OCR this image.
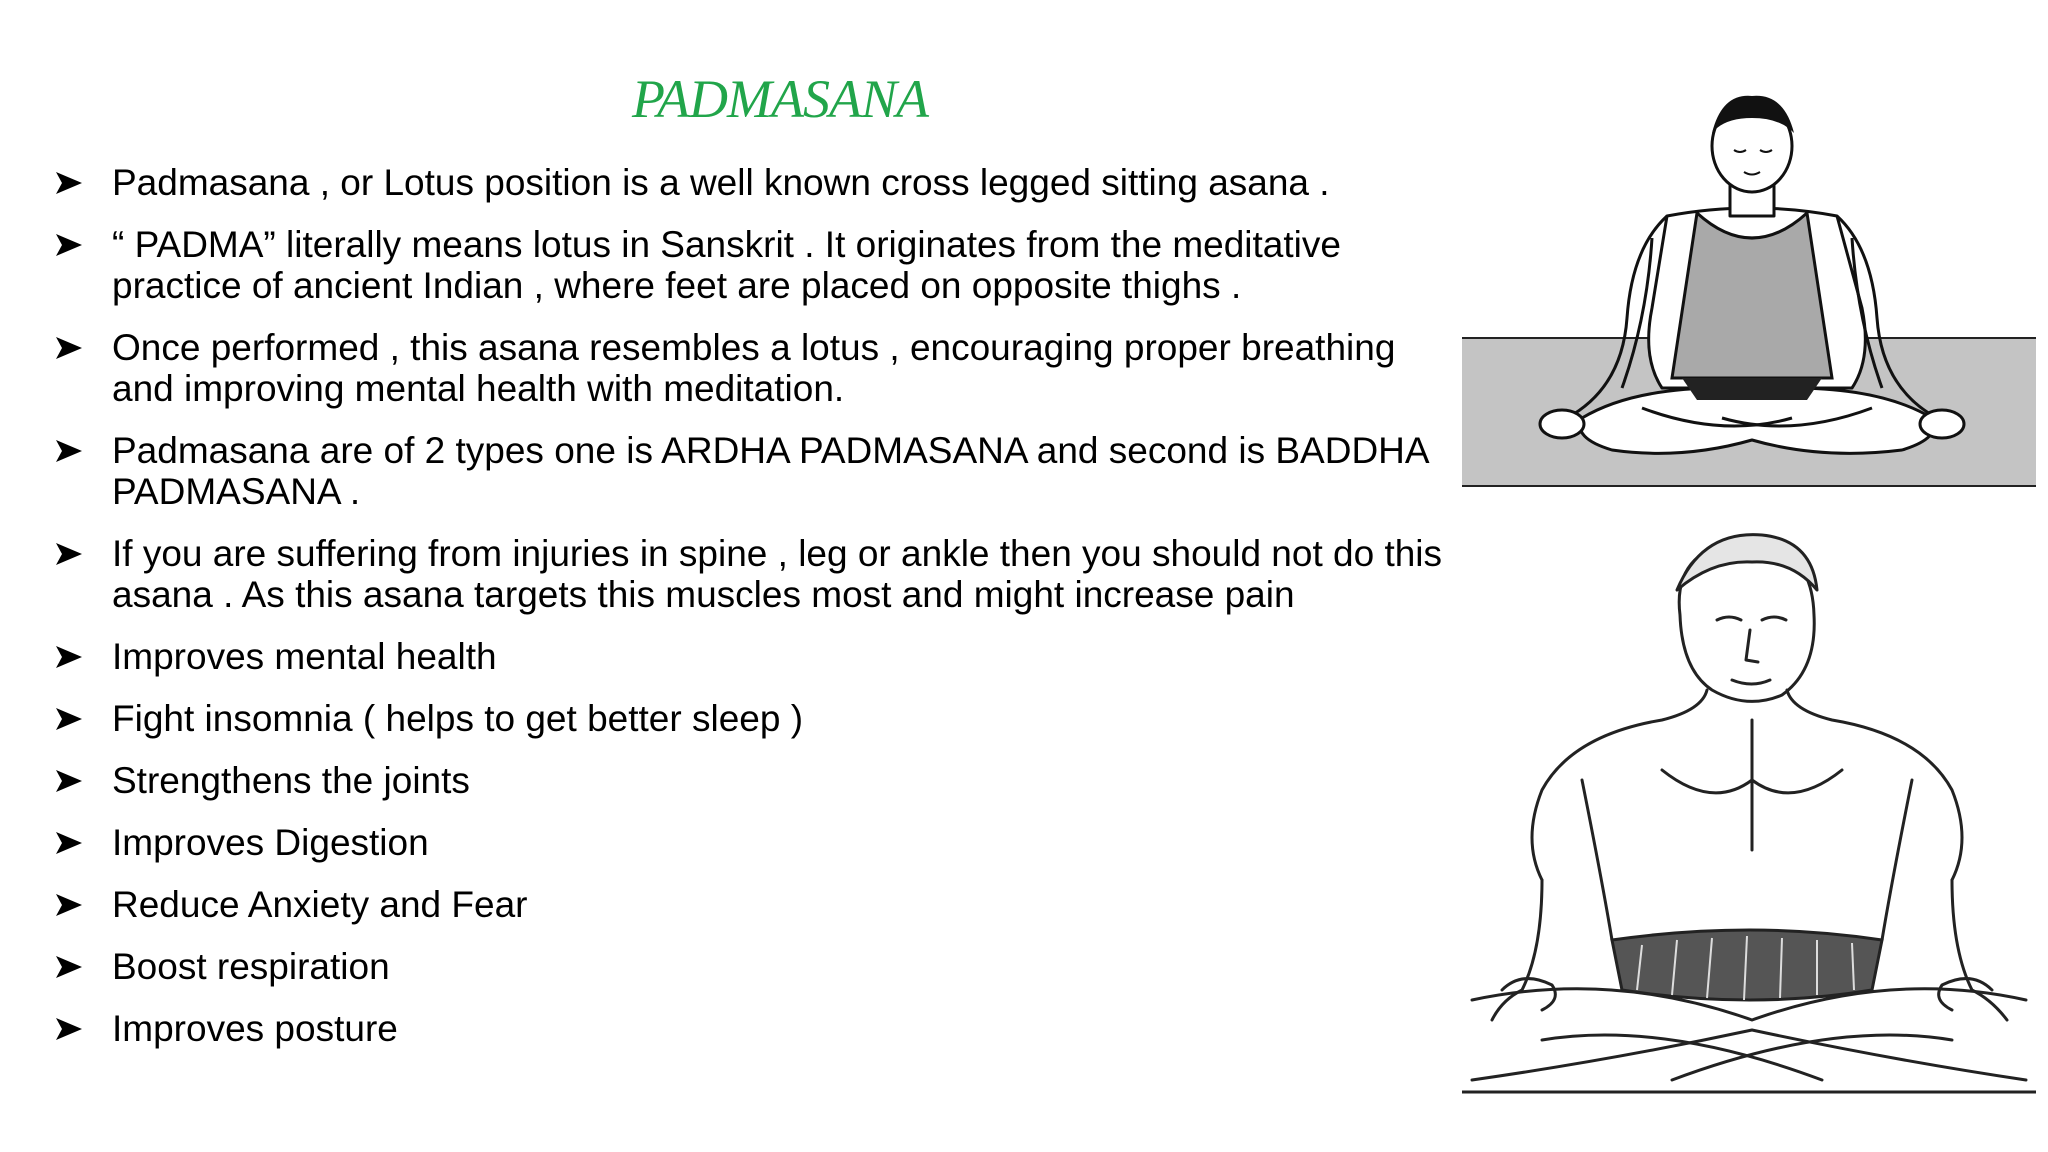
PADMASANA
Padmasana , or Lotus position is a well known cross legged sitting asana .
“ PADMA” literally means lotus in Sanskrit . It originates from the meditative practice of ancient Indian , where feet are placed on opposite thighs .
Once performed , this asana resembles a lotus , encouraging proper breathing and improving mental health with meditation.
Padmasana are of 2 types one is ARDHA PADMASANA and second is BADDHA PADMASANA .
If you are suffering from injuries in spine , leg or ankle then you should not do this asana . As this asana targets this muscles most and might increase pain
Improves mental health
Fight insomnia ( helps to get better sleep )
Strengthens the joints
Improves Digestion
Reduce Anxiety and Fear
Boost respiration
Improves posture
